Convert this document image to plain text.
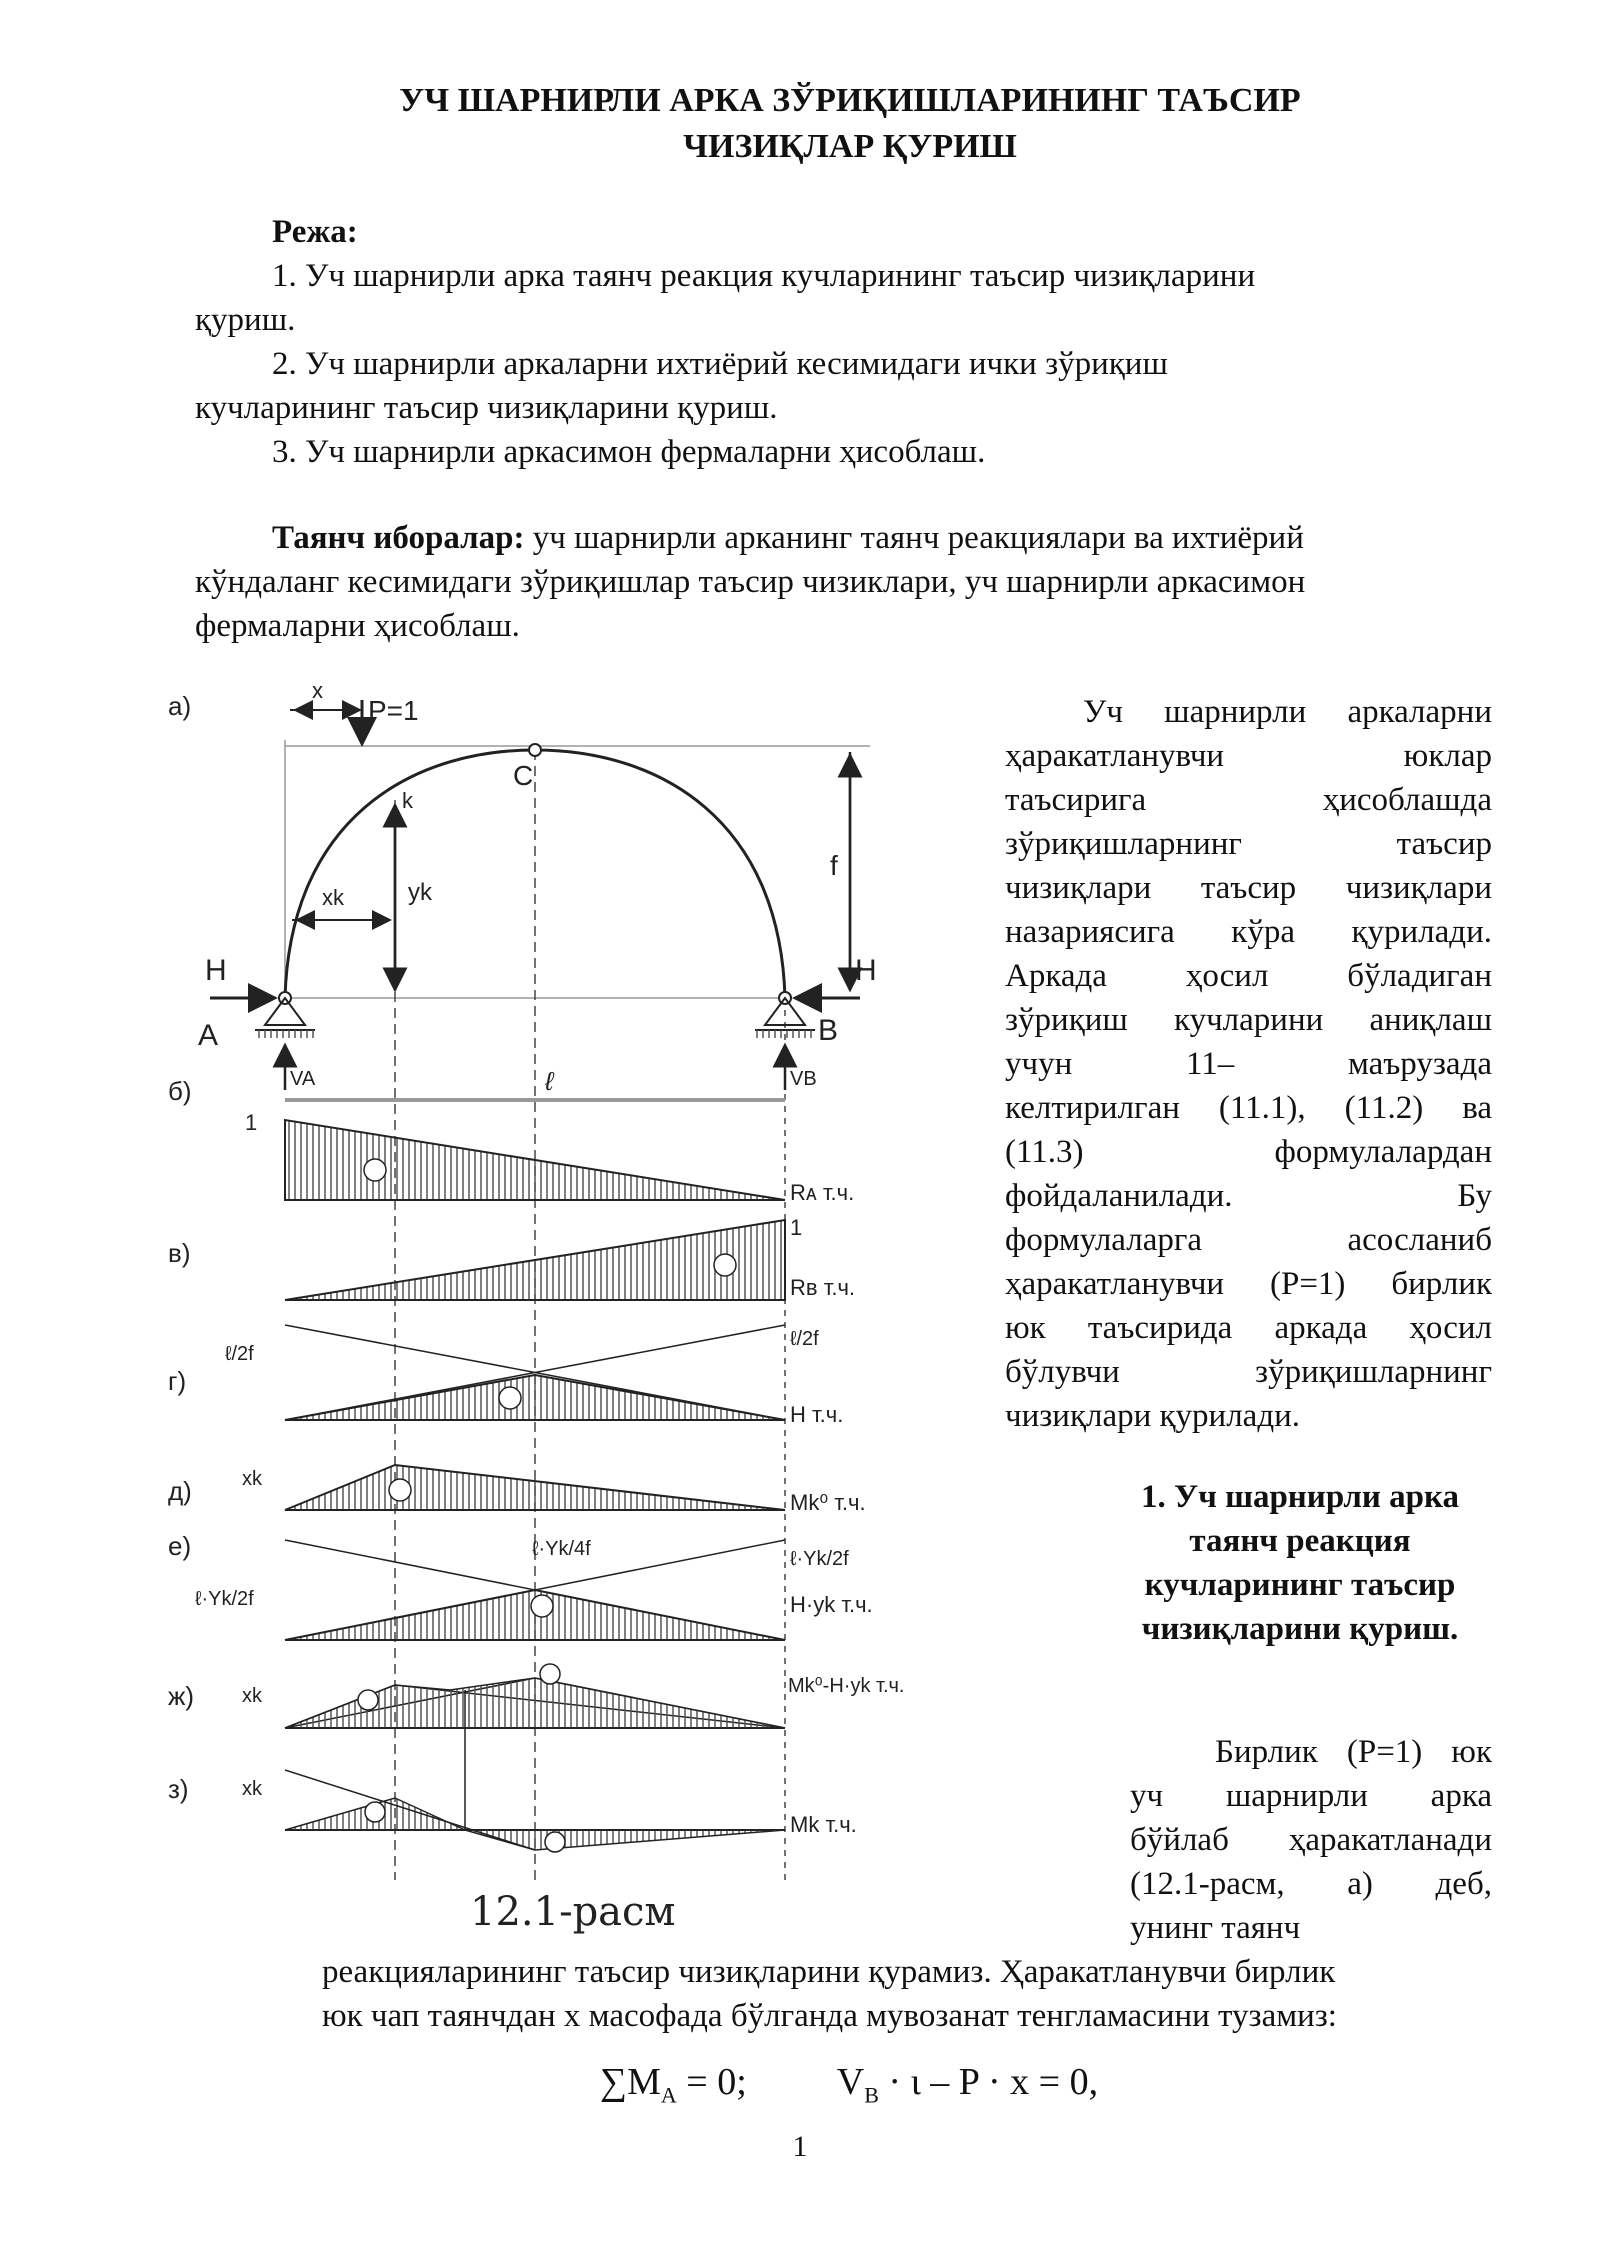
УЧ ШАРНИРЛИ АРКА ЗЎРИҚИШЛАРИНИНГ ТАЪСИР
ЧИЗИҚЛАР ҚУРИШ
Режа:
1. Уч шарнирли арка таянч реакция кучларининг таъсир чизиқларини
қуриш.
2. Уч шарнирли аркаларни ихтиёрий кесимидаги ички зўриқиш
кучларининг таъсир чизиқларини қуриш.
3. Уч шарнирли аркасимон фермаларни ҳисоблаш.
Таянч иборалар: уч шарнирли арканинг таянч реакциялари ва ихтиёрий
кўндаланг кесимидаги зўриқишлар таъсир чизиклари, уч шарнирли аркасимон
фермаларни ҳисоблаш.
Уч шарнирли аркаларни
ҳаракатланувчи юклар
таъсирига ҳисоблашда
зўриқишларнинг таъсир
чизиқлари таъсир чизиқлари
назариясига кўра қурилади.
Аркада ҳосил бўладиган
зўриқиш кучларини аниқлаш
учун 11– маърузада
келтирилган (11.1), (11.2) ва
(11.3) формулалардан
фойдаланилади. Бу
формулаларга асосланиб
ҳаракатланувчи (P=1) бирлик
юк таъсирида аркада ҳосил
бўлувчи зўриқишларнинг
чизиқлари қурилади.
1. Уч шарнирли арка
таянч реакция
кучларининг таъсир
чизиқларини қуриш.
Бирлик (P=1) юк
уч шарнирли арка
бўйлаб ҳаракатланади
(12.1-расм, а) деб,
унинг таянч
реакцияларининг таъсир чизиқларини қурамиз. Ҳаракатланувчи бирлик
юк чап таянчдан x масофада бўлганда мувозанат тенгламасини тузамиз:
$\sum M_A = 0$; $V_B \cdot \iota - P \cdot x = 0$,
1
а)
x
P=1
C
k
yk
xk
f
H	H
A	B
VA	VB
ℓ
б)
1
Rᴀ т.ч.
в)
1
Rв т.ч.
ℓ/2f
ℓ/2f
г)
H т.ч.
xk
д)	Mk⁰ т.ч.
е)	ℓ·Yk/4f	ℓ·Yk/2f
ℓ·Yk/2f	H·yk т.ч.
ж) xk	Mk⁰-H·yk т.ч.
з)	xk
Mk т.ч.
12.1-расм
